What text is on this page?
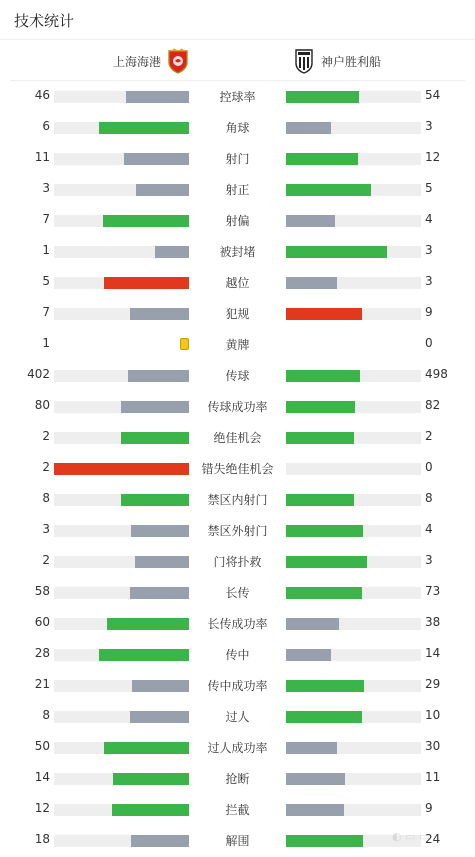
技术统计
上海海港	神户胜利船
46	控球率	54
6	角球	3
11	射门	12
3	射正	5
7	射偏	4
1	被封堵	3
5	越位	3
7	犯规	9
1	黄牌	0
402	传球	498
80	传球成功率	82
2	绝佳机会	2
2	错失绝佳机会	0
8	禁区内射门	8
3	禁区外射门	4
2	门将扑救	3
58	长传	73
60	长传成功率	38
28	传中	14
21	传中成功率	29
8	过人	10
50	过人成功率	30
14	抢断	11
12	拦截	9
18	解围	24
◐ ▭ ▭
